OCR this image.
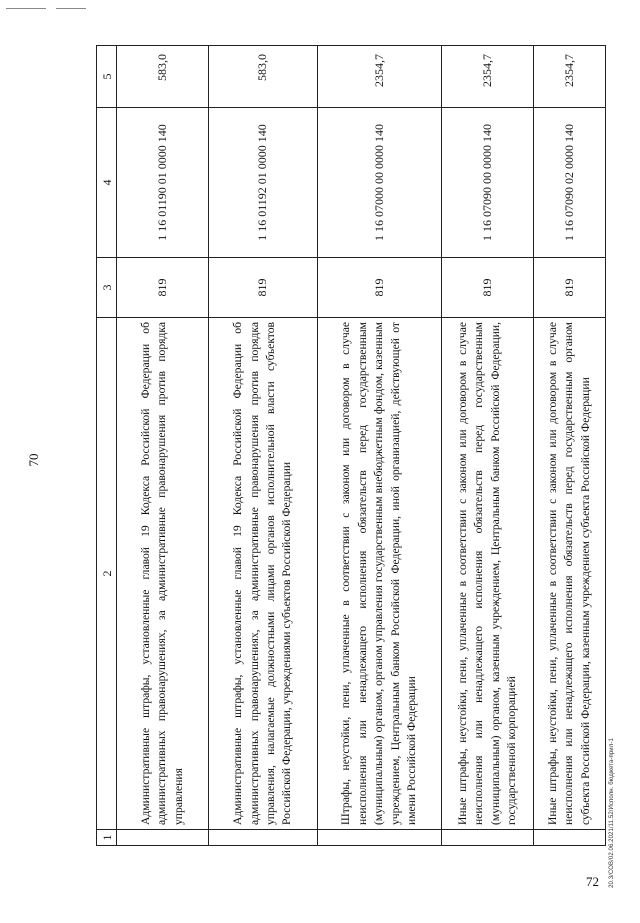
70
20.3/СОВ/02.06.2021/11.52/Исполн. бюджета-прил-1
72
1	2	3	4	5
	Административные штрафы, установленные главой 19 Кодекса Российской Федерации об административных правонарушениях, за административные правонарушения против порядка управления	819	1 16 01190 01 0000 140	583,0
	Административные штрафы, установленные главой 19 Кодекса Российской Федерации об административных правонарушениях, за административные правонарушения против порядка управления, налагаемые должностными лицами органов исполнительной власти субъектов Российской Федерации, учреждениями субъектов Российской Федерации	819	1 16 01192 01 0000 140	583,0
	Штрафы, неустойки, пени, уплаченные в соответствии с законом или договором в случае неисполнения или ненадлежащего исполнения обязательств перед государственным (муниципальным) органом, органом управления государственным внебюджетным фондом, казенным учреждением, Центральным банком Российской Федерации, иной организацией, действующей от имени Российской Федерации	819	1 16 07000 00 0000 140	2354,7
	Иные штрафы, неустойки, пени, уплаченные в соответствии с законом или договором в случае неисполнения или ненадлежащего исполнения обязательств перед государственным (муниципальным) органом, казенным учреждением, Центральным банком Российской Федерации, государственной корпорацией	819	1 16 07090 00 0000 140	2354,7
	Иные штрафы, неустойки, пени, уплаченные в соответствии с законом или договором в случае неисполнения или ненадлежащего исполнения обязательств перед государственным органом субъекта Российской Федерации, казенным учреждением субъекта Российской Федерации	819	1 16 07090 02 0000 140	2354,7
